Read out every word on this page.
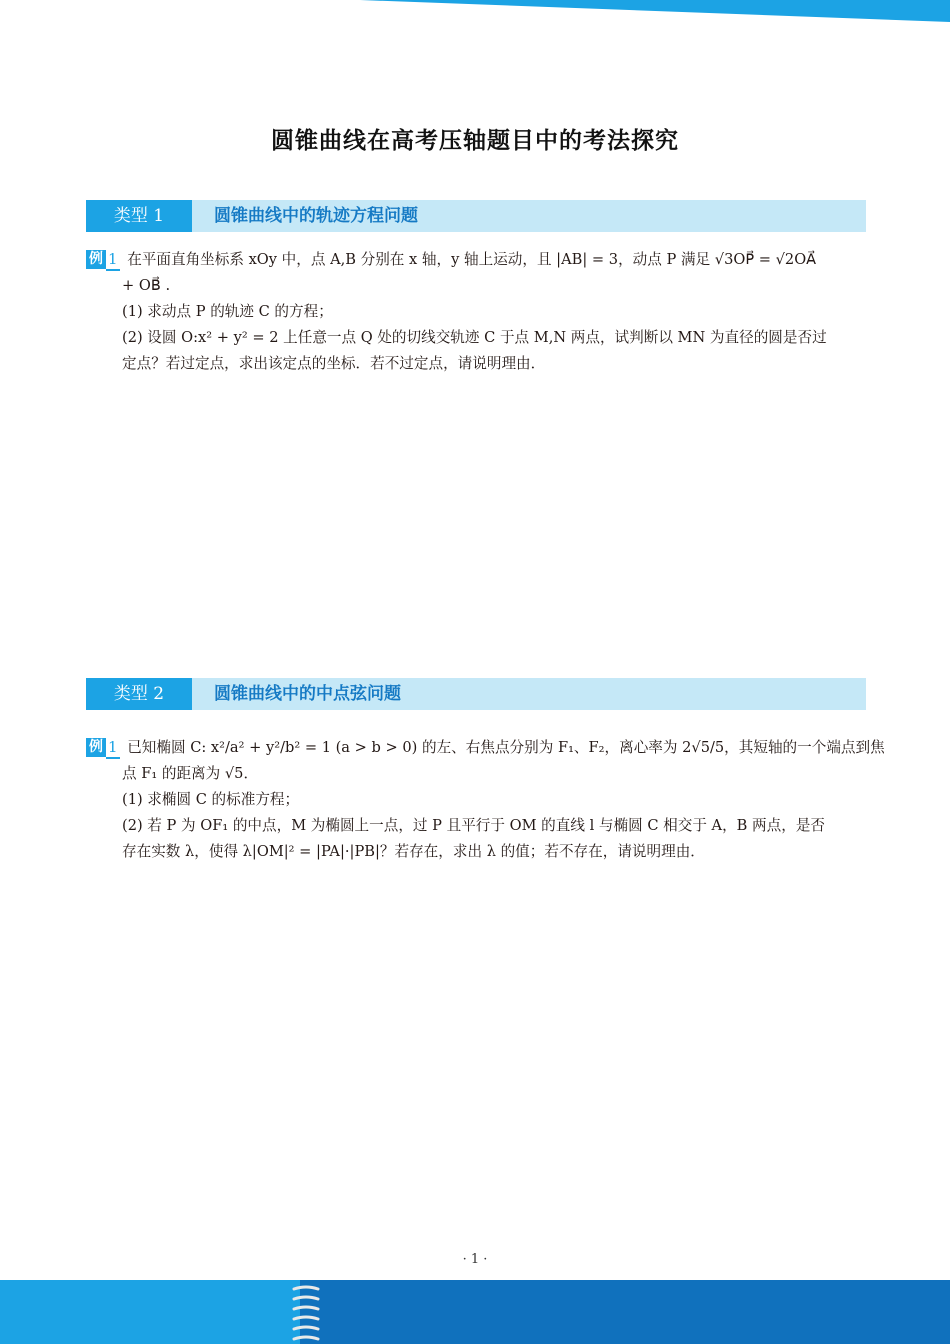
圆锥曲线在高考压轴题目中的考法探究
类型 1	圆锥曲线中的轨迹方程问题
例 1 在平面直角坐标系 xOy 中，点 A,B 分别在 x 轴，y 轴上运动，且 |AB| = 3，动点 P 满足 √3OP⃗ = √2OA⃗
+ OB⃗ .
(1) 求动点 P 的轨迹 C 的方程；
(2) 设圆 O:x² + y² = 2 上任意一点 Q 处的切线交轨迹 C 于点 M,N 两点，试判断以 MN 为直径的圆是否过
定点？若过定点，求出该定点的坐标．若不过定点，请说明理由．
类型 2	圆锥曲线中的中点弦问题
例 1 已知椭圆 C: x²/a² + y²/b² = 1 (a > b > 0) 的左、右焦点分别为 F₁、F₂，离心率为 2√5/5，其短轴的一个端点到焦
点 F₁ 的距离为 √5．
(1) 求椭圆 C 的标准方程；
(2) 若 P 为 OF₁ 的中点，M 为椭圆上一点，过 P 且平行于 OM 的直线 l 与椭圆 C 相交于 A，B 两点，是否
存在实数 λ，使得 λ|OM|² = |PA|·|PB|？若存在，求出 λ 的值；若不存在，请说明理由．
· 1 ·
